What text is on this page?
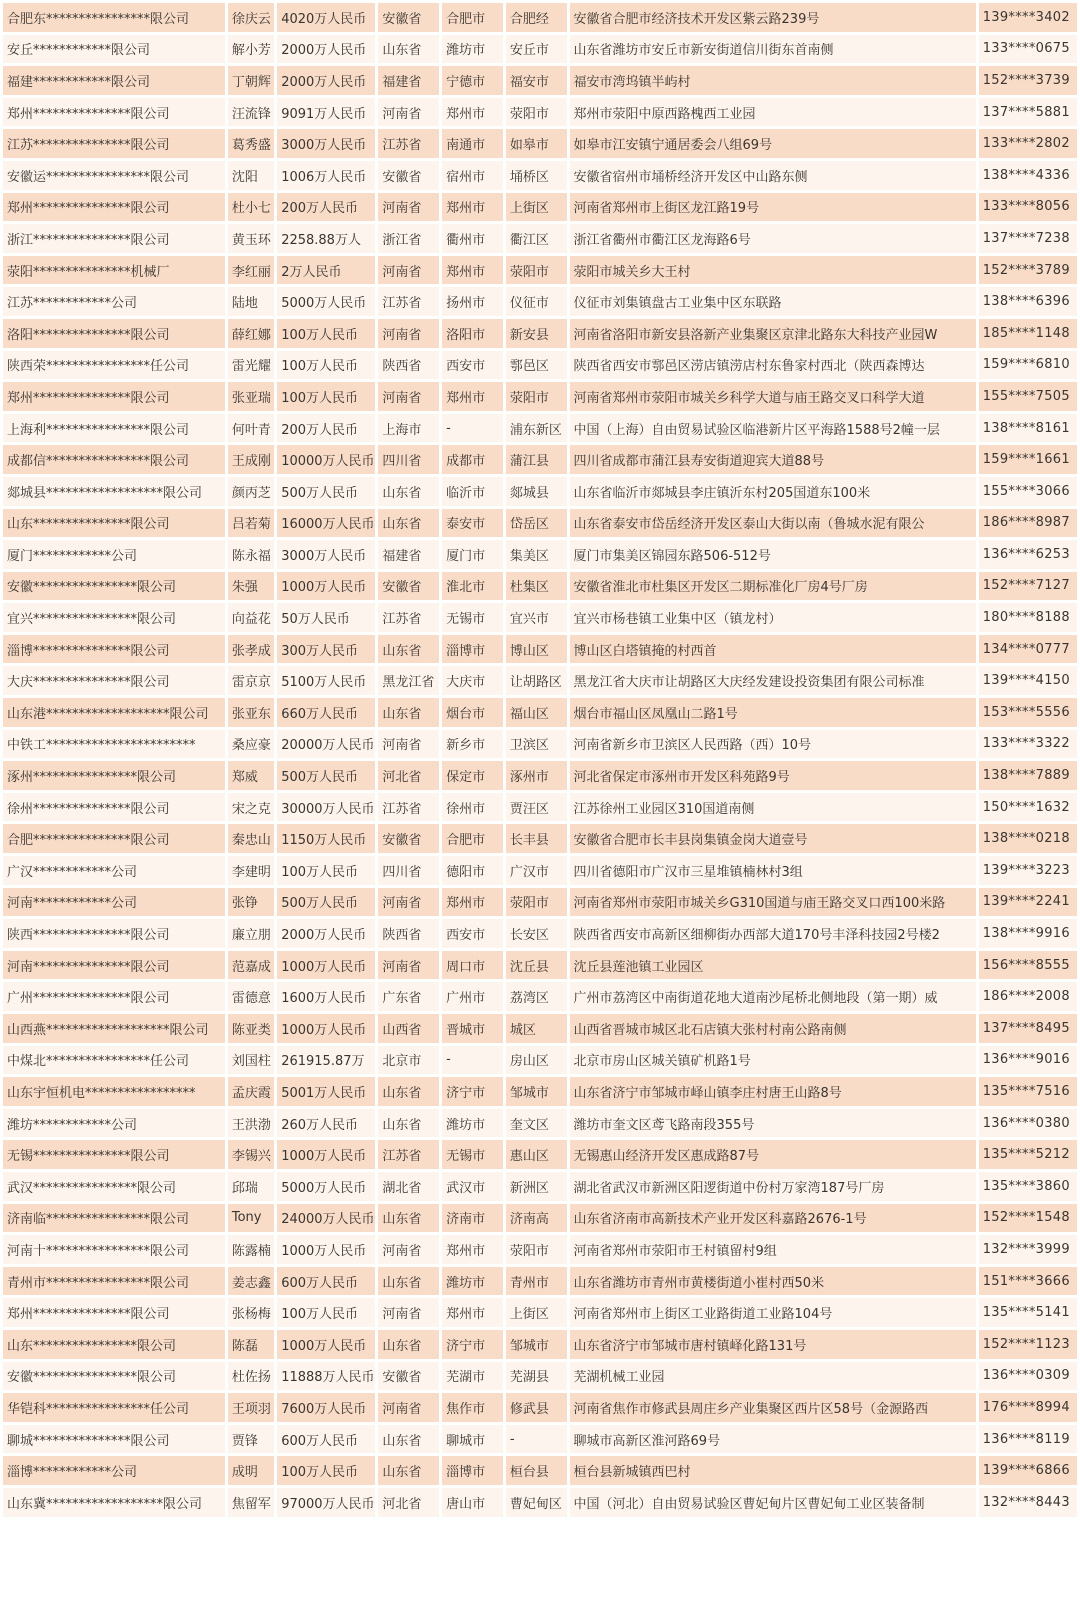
合肥东****************限公司	徐庆云	4020万人民币	安徽省	合肥市	合肥经	安徽省合肥市经济技术开发区紫云路239号	139****3402
安丘************限公司	解小芳	2000万人民币	山东省	潍坊市	安丘市	山东省潍坊市安丘市新安街道信川街东首南侧	133****0675
福建************限公司	丁朝辉	2000万人民币	福建省	宁德市	福安市	福安市湾坞镇半屿村	152****3739
郑州***************限公司	汪流锋	9091万人民币	河南省	郑州市	荥阳市	郑州市荥阳中原西路槐西工业园	137****5881
江苏***************限公司	葛秀盛	3000万人民币	江苏省	南通市	如皋市	如皋市江安镇宁通居委会八组69号	133****2802
安徽运****************限公司	沈阳	1006万人民币	安徽省	宿州市	埇桥区	安徽省宿州市埇桥经济开发区中山路东侧	138****4336
郑州***************限公司	杜小七	200万人民币	河南省	郑州市	上街区	河南省郑州市上街区龙江路19号	133****8056
浙江***************限公司	黄玉环	2258.88万人	浙江省	衢州市	衢江区	浙江省衢州市衢江区龙海路6号	137****7238
荥阳***************机械厂	李红丽	2万人民币	河南省	郑州市	荥阳市	荥阳市城关乡大王村	152****3789
江苏************公司	陆地	5000万人民币	江苏省	扬州市	仪征市	仪征市刘集镇盘古工业集中区东联路	138****6396
洛阳***************限公司	薛红娜	100万人民币	河南省	洛阳市	新安县	河南省洛阳市新安县洛新产业集聚区京津北路东大科技产业园W	185****1148
陕西荣****************任公司	雷光耀	100万人民币	陕西省	西安市	鄠邑区	陕西省西安市鄠邑区涝店镇涝店村东鲁家村西北（陕西森博达	159****6810
郑州***************限公司	张亚瑞	100万人民币	河南省	郑州市	荥阳市	河南省郑州市荥阳市城关乡科学大道与庙王路交叉口科学大道	155****7505
上海利****************限公司	何叶青	200万人民币	上海市	-	浦东新区	中国（上海）自由贸易试验区临港新片区平海路1588号2幢一层	138****8161
成都信****************限公司	王成刚	10000万人民币	四川省	成都市	蒲江县	四川省成都市蒲江县寿安街道迎宾大道88号	159****1661
郯城县******************限公司	颜丙芝	500万人民币	山东省	临沂市	郯城县	山东省临沂市郯城县李庄镇沂东村205国道东100米	155****3066
山东***************限公司	吕若菊	16000万人民币	山东省	泰安市	岱岳区	山东省泰安市岱岳经济开发区泰山大街以南（鲁城水泥有限公	186****8987
厦门************公司	陈永福	3000万人民币	福建省	厦门市	集美区	厦门市集美区锦园东路506-512号	136****6253
安徽****************限公司	朱强	1000万人民币	安徽省	淮北市	杜集区	安徽省淮北市杜集区开发区二期标准化厂房4号厂房	152****7127
宜兴****************限公司	向益花	50万人民币	江苏省	无锡市	宜兴市	宜兴市杨巷镇工业集中区（镇龙村）	180****8188
淄博***************限公司	张孝成	300万人民币	山东省	淄博市	博山区	博山区白塔镇掩的村西首	134****0777
大庆***************限公司	雷京京	5100万人民币	黑龙江省	大庆市	让胡路区	黑龙江省大庆市让胡路区大庆经发建设投资集团有限公司标准	139****4150
山东港*******************限公司	张亚东	660万人民币	山东省	烟台市	福山区	烟台市福山区凤凰山二路1号	153****5556
中铁工***********************	桑应豪	20000万人民币	河南省	新乡市	卫滨区	河南省新乡市卫滨区人民西路（西）10号	133****3322
涿州****************限公司	郑威	500万人民币	河北省	保定市	涿州市	河北省保定市涿州市开发区科苑路9号	138****7889
徐州***************限公司	宋之克	30000万人民币	江苏省	徐州市	贾汪区	江苏徐州工业园区310国道南侧	150****1632
合肥***************限公司	秦忠山	1150万人民币	安徽省	合肥市	长丰县	安徽省合肥市长丰县岗集镇金岗大道壹号	138****0218
广汉************公司	李建明	100万人民币	四川省	德阳市	广汉市	四川省德阳市广汉市三星堆镇楠林村3组	139****3223
河南************公司	张铮	500万人民币	河南省	郑州市	荥阳市	河南省郑州市荥阳市城关乡G310国道与庙王路交叉口西100米路	139****2241
陕西***************限公司	廉立朋	2000万人民币	陕西省	西安市	长安区	陕西省西安市高新区细柳街办西部大道170号丰泽科技园2号楼2	138****9916
河南***************限公司	范嘉成	1000万人民币	河南省	周口市	沈丘县	沈丘县莲池镇工业园区	156****8555
广州***************限公司	雷德意	1600万人民币	广东省	广州市	荔湾区	广州市荔湾区中南街道花地大道南沙尾桥北侧地段（第一期）威	186****2008
山西燕*******************限公司	陈亚类	1000万人民币	山西省	晋城市	城区	山西省晋城市城区北石店镇大张村村南公路南侧	137****8495
中煤北****************任公司	刘国柱	261915.87万	北京市	-	房山区	北京市房山区城关镇矿机路1号	136****9016
山东宇恒机电*****************	孟庆霞	5001万人民币	山东省	济宁市	邹城市	山东省济宁市邹城市峄山镇李庄村唐王山路8号	135****7516
潍坊************公司	王洪渤	260万人民币	山东省	潍坊市	奎文区	潍坊市奎文区鸢飞路南段355号	136****0380
无锡***************限公司	李锡兴	1000万人民币	江苏省	无锡市	惠山区	无锡惠山经济开发区惠成路87号	135****5212
武汉****************限公司	邱瑞	5000万人民币	湖北省	武汉市	新洲区	湖北省武汉市新洲区阳逻街道中份村万家湾187号厂房	135****3860
济南临****************限公司	Tony	24000万人民币	山东省	济南市	济南高	山东省济南市高新技术产业开发区科嘉路2676-1号	152****1548
河南十****************限公司	陈露楠	1000万人民币	河南省	郑州市	荥阳市	河南省郑州市荥阳市王村镇留村9组	132****3999
青州市****************限公司	姜志鑫	600万人民币	山东省	潍坊市	青州市	山东省潍坊市青州市黄楼街道小崔村西50米	151****3666
郑州***************限公司	张杨梅	100万人民币	河南省	郑州市	上街区	河南省郑州市上街区工业路街道工业路104号	135****5141
山东****************限公司	陈磊	1000万人民币	山东省	济宁市	邹城市	山东省济宁市邹城市唐村镇峄化路131号	152****1123
安徽****************限公司	杜佐扬	11888万人民币	安徽省	芜湖市	芜湖县	芜湖机械工业园	136****0309
华铠科****************任公司	王项羽	7600万人民币	河南省	焦作市	修武县	河南省焦作市修武县周庄乡产业集聚区西片区58号（金源路西	176****8994
聊城***************限公司	贾锋	600万人民币	山东省	聊城市	-	聊城市高新区淮河路69号	136****8119
淄博************公司	成明	100万人民币	山东省	淄博市	桓台县	桓台县新城镇西巴村	139****6866
山东冀******************限公司	焦留军	97000万人民币	河北省	唐山市	曹妃甸区	中国（河北）自由贸易试验区曹妃甸片区曹妃甸工业区装备制	132****8443
